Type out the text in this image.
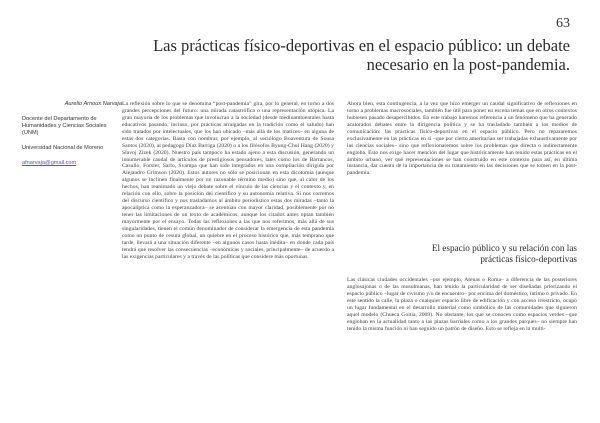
63
Las prácticas físico-deportivas en el espacio público: un debate
necesario en la post-pandemia.
Aurelio Arnoux Narvaja
Docente del Departamento de Humanidades y Ciencias Sociales (UNM)
Universidad Nacional de Moreno
afnarvaja@gmail.com

La reflexión sobre lo que se denomina “post-pandemia” gira, por lo general, en torno a dos grandes percepciones del futuro: una mirada catastrófica o una representación utópica. La gran mayoría de los problemas que involucran a la sociedad (desde medioambientales hasta educativos pasando, incluso, por prácticas arraigadas en la tradición como el saludo) han sido tratados por intelectuales, que los han ubicado –más allá de los matices– en alguna de estas dos categorías. Basta con nombrar, por ejemplo, al sociólogo Boaventura de Sousa Santos (2020), al pedagogo Díaz Barriga (2020) o a los filósofos Byung-Chul Hang (2020) y Slavoj Zizek (2020). Nuestro país tampoco ha estado ajeno a esta discusión, generando un innumerable caudal de artículos de prestigiosos pensadores, tales como los de Barrancos, Casullo, Forster, Sarlo, Svampa que han sido integrados en una compilación dirigida por Alejandro Grimson (2020). Estos autores no sólo se posicionan en esta dicotomía (aunque algunos se inclinen finalmente por un razonable término medio) sino que, al calor de los hechos, han reanimado un viejo debate sobre el vínculo de las ciencias y el contexto y, en relación con ello, sobre la posición del científico y su autonomía relativa. Si nos corremos del discurso científico y nos trasladamos al ámbito periodístico estas dos miradas –tanto la apocalíptica como la esperanzadora– se acentúan con mayor claridad, posiblemente por no tener las limitaciones de un texto de académicos, aunque los citados antes optan también mayormente por el ensayo. Todas las reflexiones a las que nos referimos, más allá de sus singularidades, tienen el común denominador de considerar la emergencia de esta pandemia como un punto de cesura global, un quiebre en el proceso histórico que, más temprano que tarde, llevará a una situación diferente –en algunos casos hasta inédita– en donde cada país tendrá que resolver las consecuencias –económicas y sociales, principalmente– de acuerdo a las exigencias particulares y a través de las políticas que considere más oportunas.

Ahora bien, esta contingencia, a la vez que hizo emerger un caudal significativo de reflexiones en torno a problemas macrosociales, también fue útil para poner en escena temas que en otros contextos hubiesen pasado desapercibidos. En este trabajo haremos referencia a un fenómeno que ha generado acalorados debates entre la dirigencia política y se ha trasladado también a los medios de comunicación: las prácticas físico-deportivas en el espacio público. Pero no repararemos exclusivamente en las prácticas en sí –que por cierto ameritarían ser trabajadas exhaustivamente por las ciencias sociales– sino que reflexionaremos sobre los problemas que directa o indirectamente engloba. Esto nos exige hacer mención del lugar que históricamente han tenido estas prácticas en el ámbito urbano, ver qué representaciones se han construido en este contexto para así, en última instancia, dar cuenta de la importancia de su tratamiento en las decisiones que se tomen en la post-pandemia.

El espacio público y su relación con las
prácticas físico-deportivas

Las clásicas ciudades occidentales –por ejemplo, Atenas o Roma– a diferencia de las posteriores anglosajonas o de las musulmanas, han tenido la particularidad de ser diseñadas priorizando el espacio público –lugar de civismo y/o de encuentro– por encima del doméstico, íntimo o privado. En este sentido la calle, la plaza o cualquier espacio libre de edificación y con acceso irrestricto, ocupó un lugar fundamental en el desarrollo material como simbólico de las comunidades que siguieron aquel modelo (Chueca Goitia, 2009). No obstante, los que se conocen como espacios verdes –que engloban en la actualidad tanto a las plazas barriales como a los grandes parques– no siempre han tenido la misma función ni han seguido un patrón de diseño. Esto se refleja en la multi-
